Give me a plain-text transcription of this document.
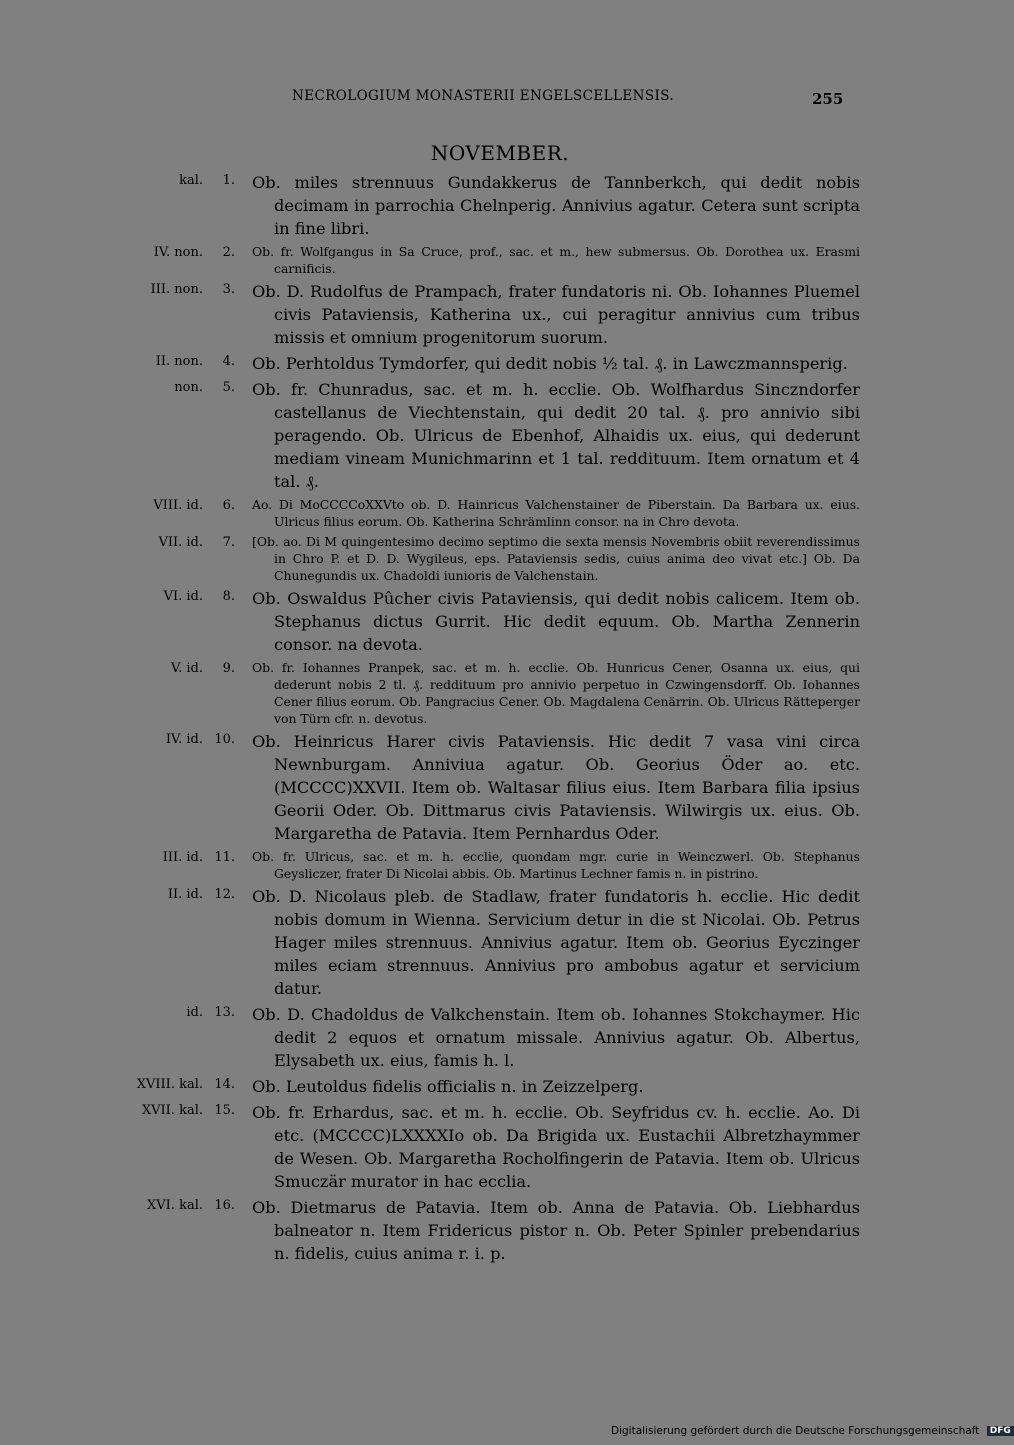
NECROLOGIUM MONASTERII ENGELSCELLENSIS.	255
NOVEMBER.
kal. 1. Ob. miles strennuus Gundakkerus de Tannberkch, qui dedit nobis decimam in parrochia Chelnperig. Annivius agatur. Cetera sunt scripta in fine libri.
IV. non. 2. Ob. fr. Wolfgangus in Sa Cruce, prof., sac. et m., hew submersus. Ob. Dorothea ux. Erasmi carnificis.
III. non. 3. Ob. D. Rudolfus de Prampach, frater fundatoris ni. Ob. Iohannes Pluemel civis Pataviensis, Katherina ux., cui peragitur annivius cum tribus missis et omnium progenitorum suorum.
II. non. 4. Ob. Perhtoldus Tymdorfer, qui dedit nobis ½ tal. ₰. in Lawczmannsperig.
non. 5. Ob. fr. Chunradus, sac. et m. h. ecclie. Ob. Wolfhardus Sinczndorfer castellanus de Viechtenstain, qui dedit 20 tal. ₰. pro annivio sibi peragendo. Ob. Ulricus de Ebenhof, Alhaidis ux. eius, qui dederunt mediam vineam Munichmarinn et 1 tal. reddituum. Item ornatum et 4 tal. ₰.
VIII. id. 6. Ao. Di MoCCCCoXXVto ob. D. Hainricus Valchenstainer de Piberstain. Da Barbara ux. eius. Ulricus filius eorum. Ob. Katherina Schrämlinn consor. na in Chro devota.
VII. id. 7. [Ob. ao. Di M quingentesimo decimo septimo die sexta mensis Novembris obiit reverendissimus in Chro P. et D. D. Wygileus, eps. Pataviensis sedis, cuius anima deo vivat etc.] Ob. Da Chunegundis ux. Chadoldi iunioris de Valchenstain.
VI. id. 8. Ob. Oswaldus Pûcher civis Pataviensis, qui dedit nobis calicem. Item ob. Stephanus dictus Gurrit. Hic dedit equum. Ob. Martha Zennerin consor. na devota.
V. id. 9. Ob. fr. Iohannes Pranpek, sac. et m. h. ecclie. Ob. Hunricus Cener, Osanna ux. eius, qui dederunt nobis 2 tl. ₰. reddituum pro annivio perpetuo in Czwingensdorff. Ob. Iohannes Cener filius eorum. Ob. Pangracius Cener. Ob. Magdalena Cenärrin. Ob. Ulricus Rätteperger von Türn cfr. n. devotus.
IV. id. 10. Ob. Heinricus Harer civis Pataviensis. Hic dedit 7 vasa vini circa Newnburgam. Anniviua agatur. Ob. Georius Öder ao. etc. (MCCCC)XXVII. Item ob. Waltasar filius eius. Item Barbara filia ipsius Georii Oder. Ob. Dittmarus civis Pataviensis. Wilwirgis ux. eius. Ob. Margaretha de Patavia. Item Pernhardus Oder.
III. id. 11. Ob. fr. Ulricus, sac. et m. h. ecclie, quondam mgr. curie in Weinczwerl. Ob. Stephanus Geysliczer, frater Di Nicolai abbis. Ob. Martinus Lechner famis n. in pistrino.
II. id. 12. Ob. D. Nicolaus pleb. de Stadlaw, frater fundatoris h. ecclie. Hic dedit nobis domum in Wienna. Servicium detur in die st Nicolai. Ob. Petrus Hager miles strennuus. Annivius agatur. Item ob. Georius Eyczinger miles eciam strennuus. Annivius pro ambobus agatur et servicium datur.
id. 13. Ob. D. Chadoldus de Valkchenstain. Item ob. Iohannes Stokchaymer. Hic dedit 2 equos et ornatum missale. Annivius agatur. Ob. Albertus, Elysabeth ux. eius, famis h. l.
XVIII. kal. 14. Ob. Leutoldus fidelis officialis n. in Zeizzelperg.
XVII. kal. 15. Ob. fr. Erhardus, sac. et m. h. ecclie. Ob. Seyfridus cv. h. ecclie. Ao. Di etc. (MCCCC)LXXXXIo ob. Da Brigida ux. Eustachii Albretzhaymmer de Wesen. Ob. Margaretha Rocholfingerin de Patavia. Item ob. Ulricus Smuczär murator in hac ecclia.
XVI. kal. 16. Ob. Dietmarus de Patavia. Item ob. Anna de Patavia. Ob. Liebhardus balneator n. Item Fridericus pistor n. Ob. Peter Spinler prebendarius n. fidelis, cuius anima r. i. p.
Digitalisierung gefördert durch die Deutsche Forschungsgemeinschaft DFG
